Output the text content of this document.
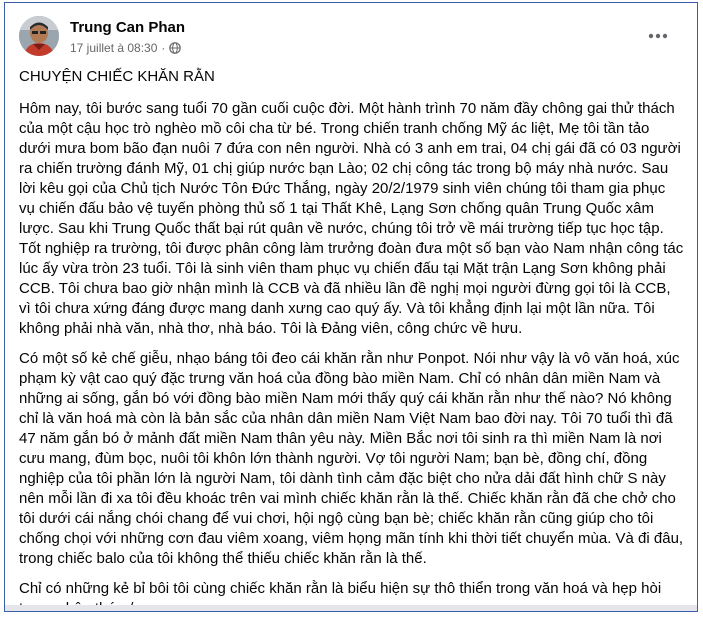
Trung Can Phan
17 juillet à 08:30 ·

CHUYỆN CHIẾC KHĂN RẰN

Hôm nay, tôi bước sang tuổi 70 gần cuối cuộc đời. Một hành trình 70 năm đầy chông gai thử thách của một cậu học trò nghèo mồ côi cha từ bé. Trong chiến tranh chống Mỹ ác liệt, Mẹ tôi tần tảo dưới mưa bom bão đạn nuôi 7 đứa con nên người. Nhà có 3 anh em trai, 04 chị gái đã có 03 người ra chiến trường đánh Mỹ, 01 chị giúp nước bạn Lào; 02 chị công tác trong bộ máy nhà nước. Sau lời kêu gọi của Chủ tịch Nước Tôn Đức Thắng, ngày 20/2/1979 sinh viên chúng tôi tham gia phục vụ chiến đấu bảo vệ tuyến phòng thủ số 1 tại Thất Khê, Lạng Sơn chống quân Trung Quốc xâm lược. Sau khi Trung Quốc thất bại rút quân về nước, chúng tôi trở về mái trường tiếp tục học tập. Tốt nghiệp ra trường, tôi được phân công làm trưởng đoàn đưa một số bạn vào Nam nhận công tác lúc ấy vừa tròn 23 tuổi. Tôi là sinh viên tham phục vụ chiến đấu tại Mặt trận Lạng Sơn không phải CCB. Tôi chưa bao giờ nhận mình là CCB và đã nhiều lần đề nghị mọi người đừng gọi tôi là CCB, vì tôi chưa xứng đáng được mang danh xưng cao quý ấy. Và tôi khẳng định lại một lần nữa. Tôi không phải nhà văn, nhà thơ, nhà báo. Tôi là Đảng viên, công chức về hưu.

Có một số kẻ chế giễu, nhạo báng tôi đeo cái khăn rằn như Ponpot. Nói như vậy là vô văn hoá, xúc phạm kỳ vật cao quý đặc trưng văn hoá của đồng bào miền Nam. Chỉ có nhân dân miền Nam và những ai sống, gắn bó với đồng bào miền Nam mới thấy quý cái khăn rằn như thế nào? Nó không chỉ là văn hoá mà còn là bản sắc của nhân dân miền Nam Việt Nam bao đời nay. Tôi 70 tuổi thì đã 47 năm gắn bó ở mảnh đất miền Nam thân yêu này. Miền Bắc nơi tôi sinh ra thì miền Nam là nơi cưu mang, đùm bọc, nuôi tôi khôn lớn thành người. Vợ tôi người Nam; bạn bè, đồng chí, đồng nghiệp của tôi phần lớn là người Nam, tôi dành tình cảm đặc biệt cho nửa dải đất hình chữ S này nên mỗi lần đi xa tôi đều khoác trên vai mình chiếc khăn rằn là thế. Chiếc khăn rằn đã che chở cho tôi dưới cái nắng chói chang để vui chơi, hội ngộ cùng bạn bè; chiếc khăn rằn cũng giúp cho tôi chống chọi với những cơn đau viêm xoang, viêm họng mãn tính khi thời tiết chuyển mùa. Và đi đâu, trong chiếc balo của tôi không thể thiếu chiếc khăn rằn là thế.

Chỉ có những kẻ bỉ bôi tôi cùng chiếc khăn rằn là biểu hiện sự thô thiển trong văn hoá và hẹp hòi
